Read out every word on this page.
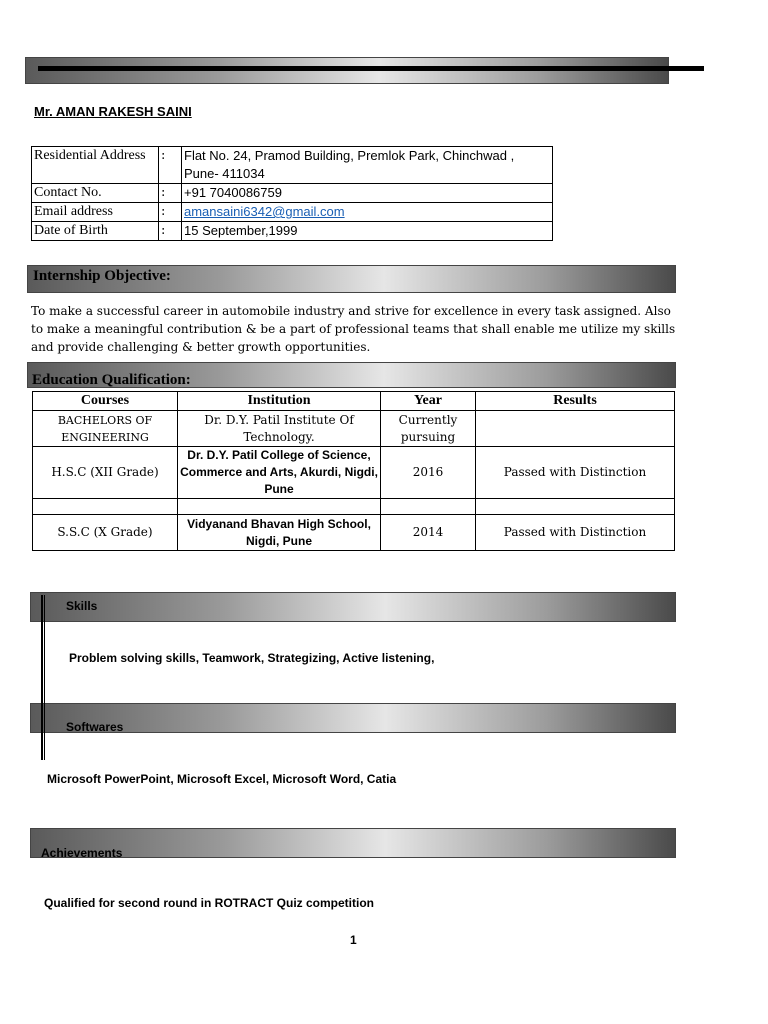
Mr. AMAN RAKESH SAINI
Residential Address	:	Flat No. 24, Pramod Building, Premlok Park, Chinchwad , Pune- 411034
Contact No.	:	+91 7040086759
Email address	:	amansaini6342@gmail.com
Date of Birth	:	15 September,1999
Internship Objective:
To make a successful career in automobile industry and strive for excellence in every task assigned. Also to make a meaningful contribution & be a part of professional teams that shall enable me utilize my skills and provide challenging & better growth opportunities.
Education Qualification:
Courses	Institution	Year	Results
BACHELORS OF ENGINEERING	Dr. D.Y. Patil Institute Of Technology.	Currently pursuing	
H.S.C (XII Grade)	Dr. D.Y. Patil College of Science, Commerce and Arts, Akurdi, Nigdi, Pune	2016	Passed with Distinction

S.S.C (X Grade)	Vidyanand Bhavan High School, Nigdi, Pune	2014	Passed with Distinction
Skills
Problem solving skills, Teamwork, Strategizing, Active listening,
Softwares
Microsoft PowerPoint, Microsoft Excel, Microsoft Word, Catia
Achievements
Qualified for second round in ROTRACT Quiz competition
1
